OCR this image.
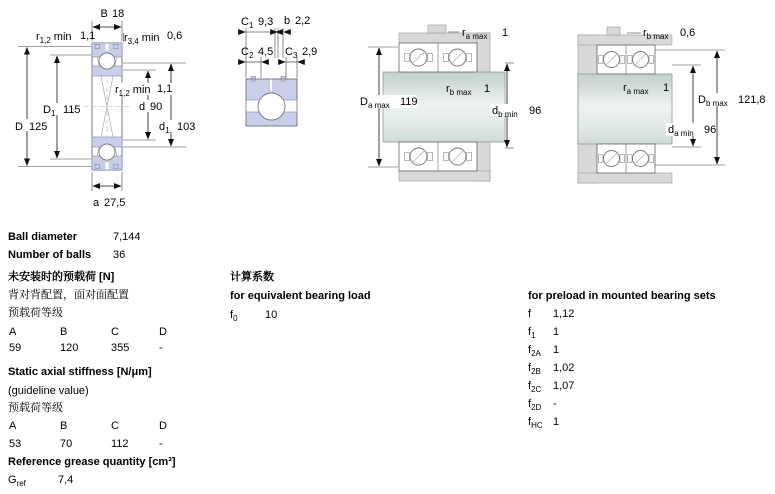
B 18
$r_{1,2}$ min 1,1	$r_{3,4}$ min 0,6
$D_1$ 115
D 125
$r_{1,2}$ min 1,1
d 90
$d_1$ 103
a 27,5
$C_1$ 9,3 b 2,2
$C_2$ 4,5 $C_3$ 2,9
$r_{a max}$ 1
$r_{b max}$ 1
$D_{a max}$ 119
$d_{b min}$ 96
$r_{b max}$ 0,6
$r_{a max}$ 1
$D_{b max}$ 121,8
$d_{a min}$ 96
Ball diameter	7,144
Number of balls 36
未安装时的预载荷 [N]
背对背配置，面对面配置
预载荷等级
A	B	C	D
59	120	355	-
Static axial stiffness [N/μm]
(guideline value)
预载荷等级
A	B	C	D
53	70	112	-
Reference grease quantity [cm³]
$G_{ref}$	7,4
计算系数
for equivalent bearing load
$f_0$ 10
for preload in mounted bearing sets
f 1,12
$f_1$ 1
$f_{2A}$ 1
$f_{2B}$ 1,02
$f_{2C}$ 1,07
$f_{2D}$ -
$f_{HC}$ 1
